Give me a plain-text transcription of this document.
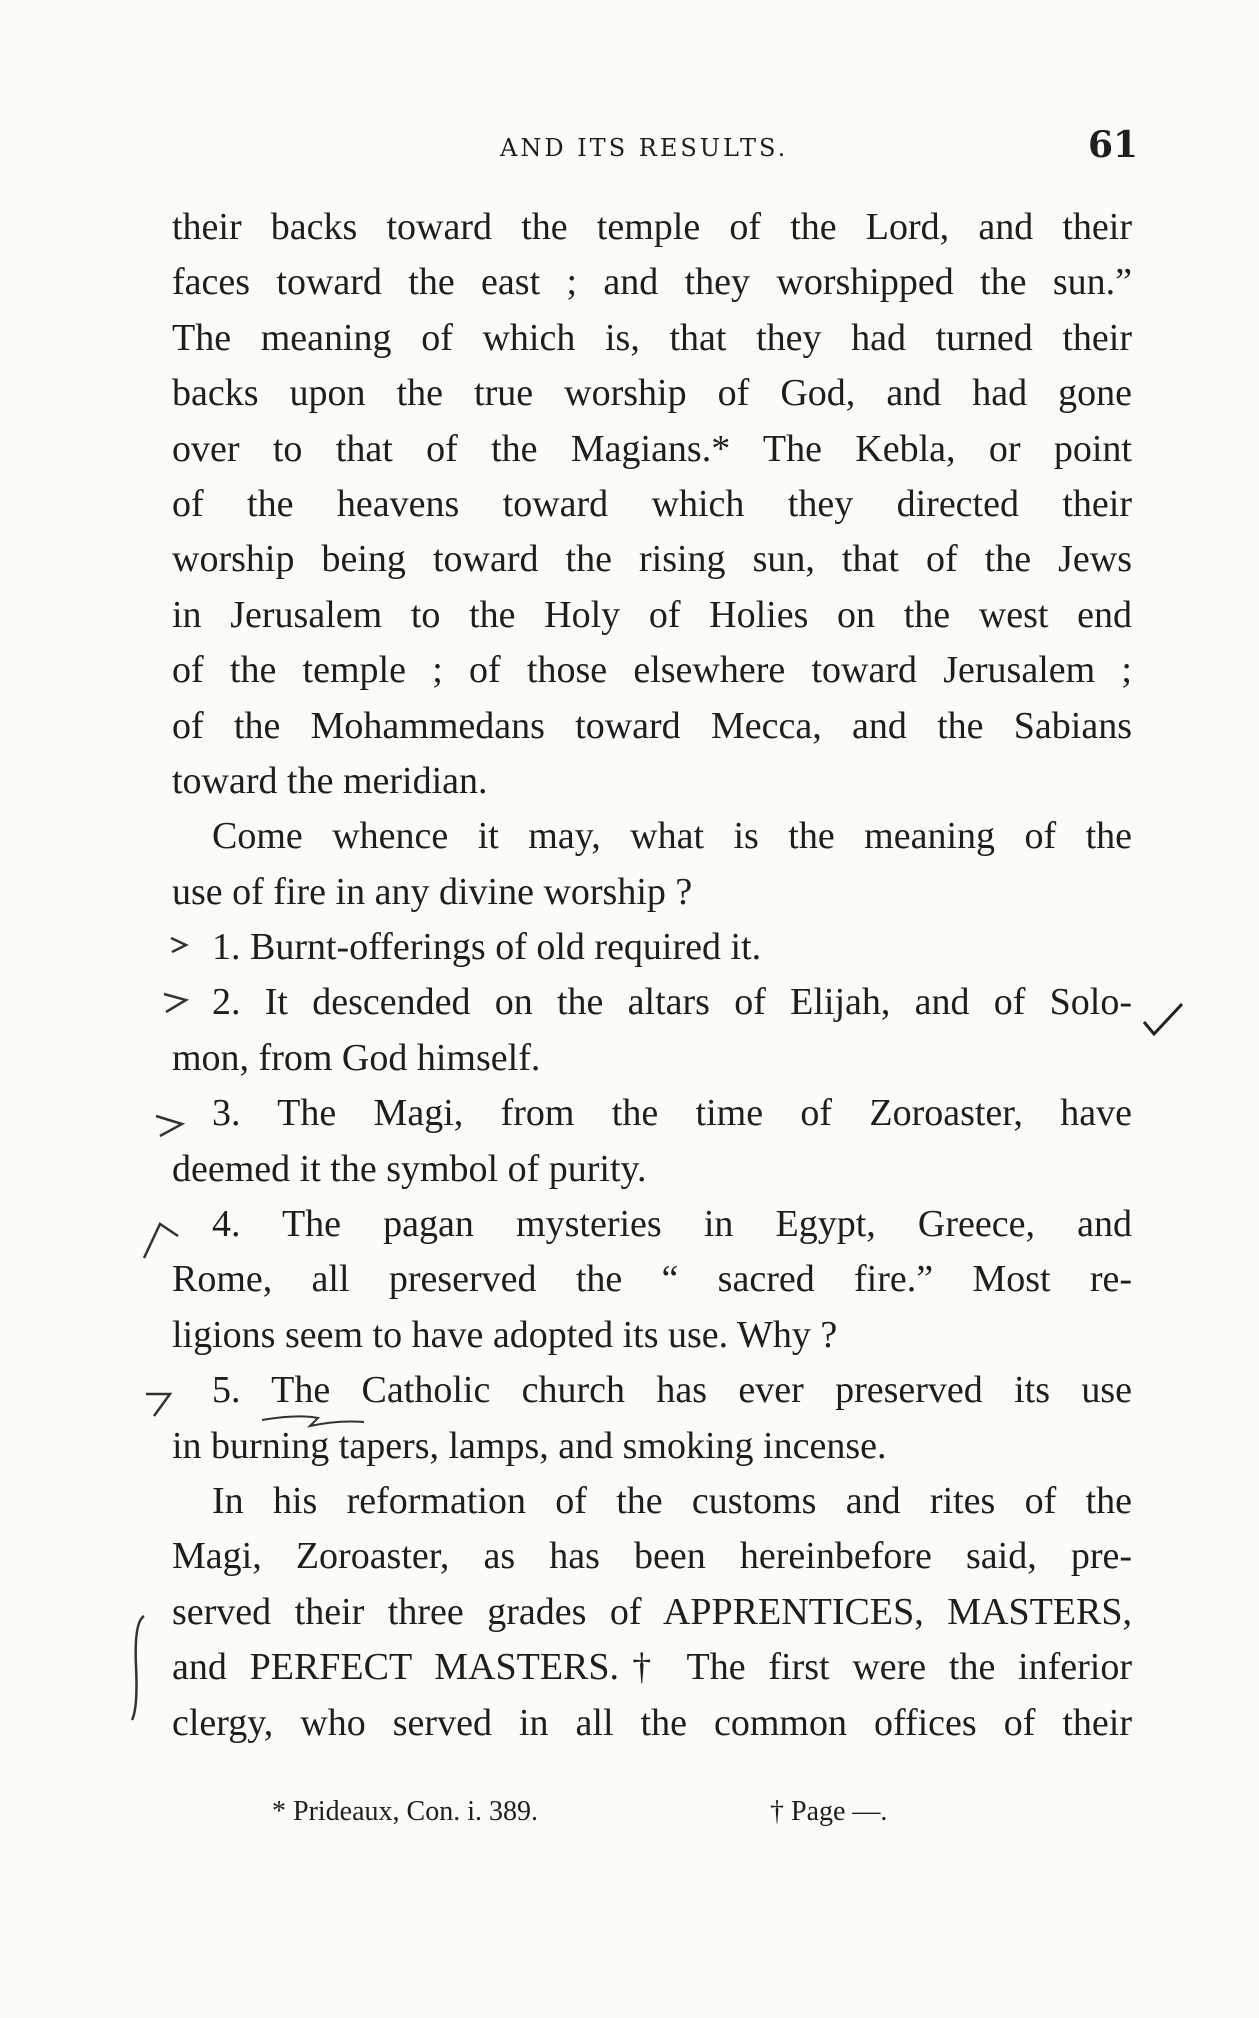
AND ITS RESULTS.	61
their backs toward the temple of the Lord, and their
faces toward the east ; and they worshipped the sun.”
The meaning of which is, that they had turned their
backs upon the true worship of God, and had gone
over to that of the Magians.* The Kebla, or point
of the heavens toward which they directed their
worship being toward the rising sun, that of the Jews
in Jerusalem to the Holy of Holies on the west end
of the temple ; of those elsewhere toward Jerusalem ;
of the Mohammedans toward Mecca, and the Sabians
toward the meridian.
Come whence it may, what is the meaning of the
use of fire in any divine worship ?
1. Burnt-offerings of old required it.
2. It descended on the altars of Elijah, and of Solo-
mon, from God himself.
3. The Magi, from the time of Zoroaster, have
deemed it the symbol of purity.
4. The pagan mysteries in Egypt, Greece, and
Rome, all preserved the “ sacred fire.” Most re-
ligions seem to have adopted its use. Why ?
5. The Catholic church has ever preserved its use
in burning tapers, lamps, and smoking incense.
In his reformation of the customs and rites of the
Magi, Zoroaster, as has been hereinbefore said, pre-
served their three grades of APPRENTICES, MASTERS,
and PERFECT MASTERS.† The first were the inferior
clergy, who served in all the common offices of their
* Prideaux, Con. i. 389.	† Page —.
